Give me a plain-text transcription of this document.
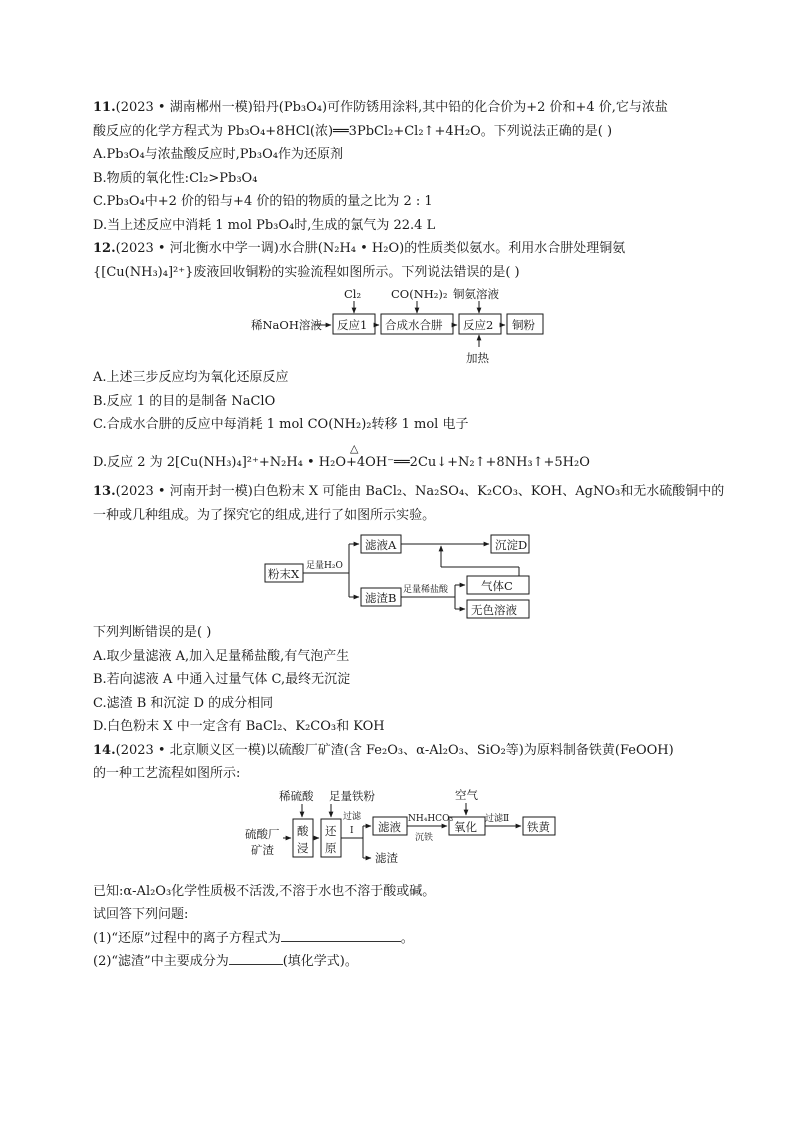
11.(2023 • 湖南郴州一模)铅丹(Pb₃O₄)可作防锈用涂料,其中铅的化合价为+2 价和+4 价,它与浓盐
酸反应的化学方程式为 Pb₃O₄+8HCl(浓)══3PbCl₂+Cl₂↑+4H₂O。下列说法正确的是( )
A.Pb₃O₄与浓盐酸反应时,Pb₃O₄作为还原剂
B.物质的氧化性:Cl₂>Pb₃O₄
C.Pb₃O₄中+2 价的铅与+4 价的铅的物质的量之比为 2 : 1
D.当上述反应中消耗 1 mol Pb₃O₄时,生成的氯气为 22.4 L
12.(2023 • 河北衡水中学一调)水合肼(N₂H₄ • H₂O)的性质类似氨水。利用水合肼处理铜氨
{[Cu(NH₃)₄]²⁺}废液回收铜粉的实验流程如图所示。下列说法错误的是( )
稀NaOH溶液 反应1 合成水合肼 反应2 铜粉
Cl₂	CO(NH₂)₂ 铜氨溶液
加热
A.上述三步反应均为氧化还原反应
B.反应 1 的目的是制备 NaClO
C.合成水合肼的反应中每消耗 1 mol CO(NH₂)₂转移 1 mol 电子
D.反应 2 为 2[Cu(NH₃)₄]²⁺+N₂H₄ • H₂O+4OH⁻══2Cu↓+N₂↑+8NH₃↑+5H₂O
△
13.(2023 • 河南开封一模)白色粉末 X 可能由 BaCl₂、Na₂SO₄、K₂CO₃、KOH、AgNO₃和无水硫酸铜中的
一种或几种组成。为了探究它的组成,进行了如图所示实验。
粉末X
足量H₂O
滤液A
滤渣B
沉淀D
足量稀盐酸	气体C
无色溶液
下列判断错误的是( )
A.取少量滤液 A,加入足量稀盐酸,有气泡产生
B.若向滤液 A 中通入过量气体 C,最终无沉淀
C.滤渣 B 和沉淀 D 的成分相同
D.白色粉末 X 中一定含有 BaCl₂、K₂CO₃和 KOH
14.(2023 • 北京顺义区一模)以硫酸厂矿渣(含 Fe₂O₃、α-Al₂O₃、SiO₂等)为原料制备铁黄(FeOOH)
的一种工艺流程如图所示:
硫酸厂
矿渣
稀硫酸
酸
浸
足量铁粉
还
原
过滤
Ⅰ
滤渣
滤液
NH₄HCO₃
沉铁
空气
氧化
过滤Ⅱ
铁黄
已知:α-Al₂O₃化学性质极不活泼,不溶于水也不溶于酸或碱。
试回答下列问题:
(1)“还原”过程中的离子方程式为	。
(2)“滤渣”中主要成分为	(填化学式)。
